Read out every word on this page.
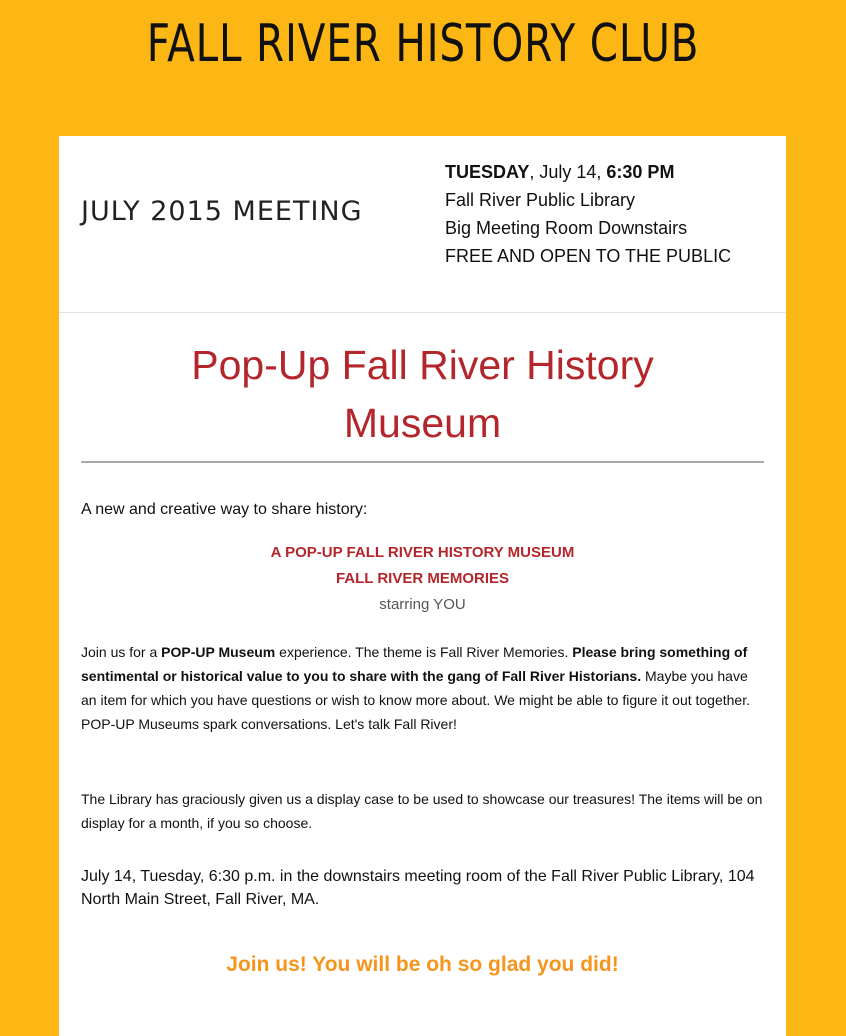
FALL RIVER HISTORY CLUB
JULY 2015 MEETING
TUESDAY, July 14, 6:30 PM
Fall River Public Library
Big Meeting Room Downstairs
FREE AND OPEN TO THE PUBLIC
Pop-Up Fall River History
Museum
A new and creative way to share history:
A POP-UP FALL RIVER HISTORY MUSEUM
FALL RIVER MEMORIES
starring YOU
Join us for a POP-UP Museum experience. The theme is Fall River Memories. Please bring something of sentimental or historical value to you to share with the gang of Fall River Historians. Maybe you have an item for which you have questions or wish to know more about. We might be able to figure it out together. POP-UP Museums spark conversations. Let's talk Fall River!
The Library has graciously given us a display case to be used to showcase our treasures! The items will be on display for a month, if you so choose.
July 14, Tuesday, 6:30 p.m. in the downstairs meeting room of the Fall River Public Library, 104 North Main Street, Fall River, MA.
Join us! You will be oh so glad you did!
